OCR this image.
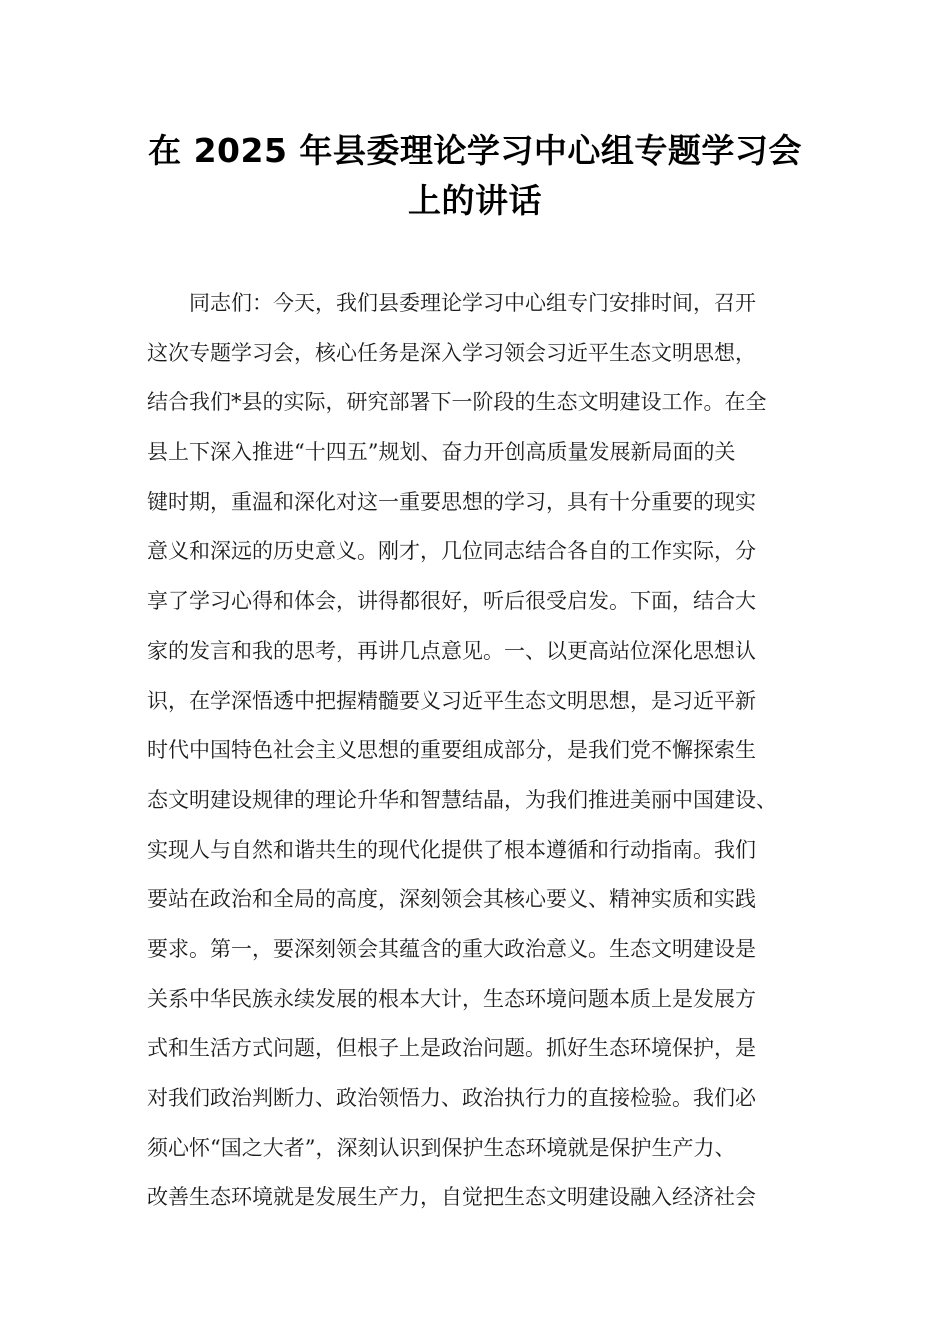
在 2025 年县委理论学习中心组专题学习会
上的讲话
同志们：今天，我们县委理论学习中心组专门安排时间，召开
这次专题学习会，核心任务是深入学习领会习近平生态文明思想，
结合我们*县的实际，研究部署下一阶段的生态文明建设工作。在全
县上下深入推进“十四五”规划、奋力开创高质量发展新局面的关
键时期，重温和深化对这一重要思想的学习，具有十分重要的现实
意义和深远的历史意义。刚才，几位同志结合各自的工作实际，分
享了学习心得和体会，讲得都很好，听后很受启发。下面，结合大
家的发言和我的思考，再讲几点意见。一、以更高站位深化思想认
识，在学深悟透中把握精髓要义习近平生态文明思想，是习近平新
时代中国特色社会主义思想的重要组成部分，是我们党不懈探索生
态文明建设规律的理论升华和智慧结晶，为我们推进美丽中国建设、
实现人与自然和谐共生的现代化提供了根本遵循和行动指南。我们
要站在政治和全局的高度，深刻领会其核心要义、精神实质和实践
要求。第一，要深刻领会其蕴含的重大政治意义。生态文明建设是
关系中华民族永续发展的根本大计，生态环境问题本质上是发展方
式和生活方式问题，但根子上是政治问题。抓好生态环境保护，是
对我们政治判断力、政治领悟力、政治执行力的直接检验。我们必
须心怀“国之大者”，深刻认识到保护生态环境就是保护生产力、
改善生态环境就是发展生产力，自觉把生态文明建设融入经济社会
